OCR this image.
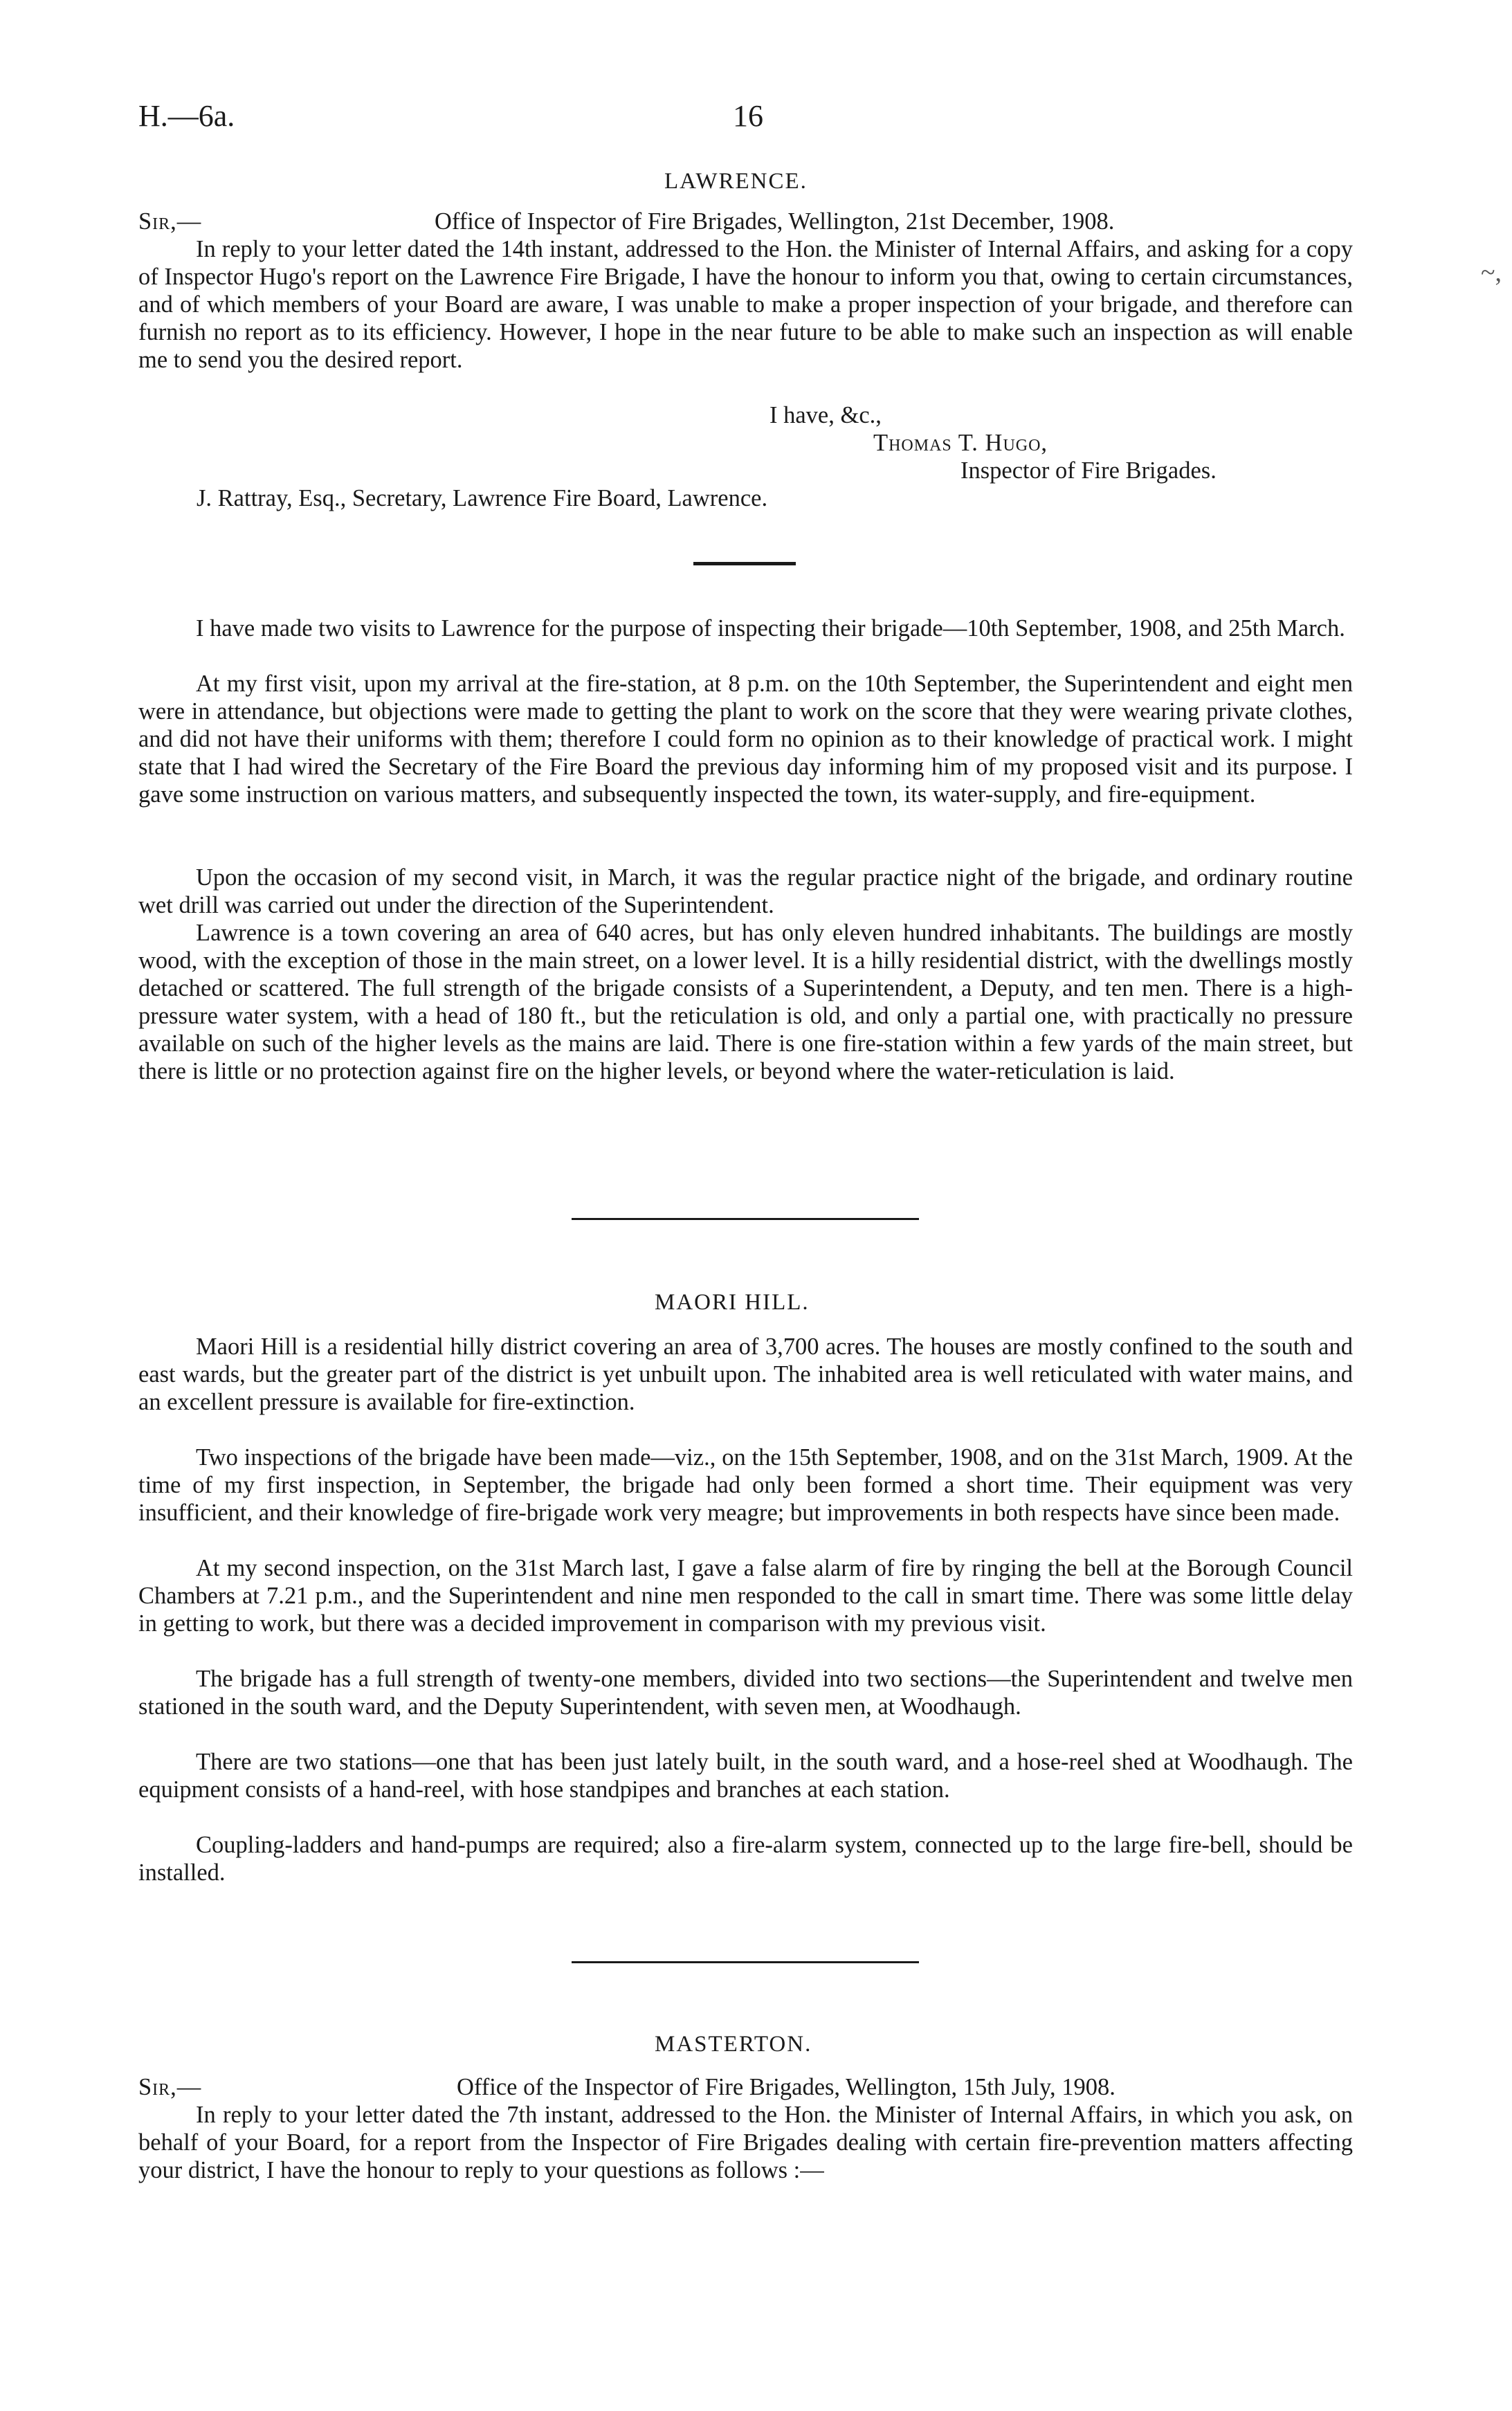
H.—6a.	16
LAWRENCE.
Sir,—	Office of Inspector of Fire Brigades, Wellington, 21st December, 1908.
In reply to your letter dated the 14th instant, addressed to the Hon. the Minister of Internal Affairs, and asking for a copy of Inspector Hugo's report on the Lawrence Fire Brigade, I have the honour to inform you that, owing to certain circumstances, and of which members of your Board are aware, I was unable to make a proper inspection of your brigade, and therefore can furnish no report as to its efficiency. However, I hope in the near future to be able to make such an inspection as will enable me to send you the desired report.
I have, &c.,
Thomas T. Hugo,
Inspector of Fire Brigades.
J. Rattray, Esq., Secretary, Lawrence Fire Board, Lawrence.
I have made two visits to Lawrence for the purpose of inspecting their brigade—10th September, 1908, and 25th March.
At my first visit, upon my arrival at the fire-station, at 8 p.m. on the 10th September, the Superintendent and eight men were in attendance, but objections were made to getting the plant to work on the score that they were wearing private clothes, and did not have their uniforms with them; therefore I could form no opinion as to their knowledge of practical work. I might state that I had wired the Secretary of the Fire Board the previous day informing him of my proposed visit and its purpose. I gave some instruction on various matters, and subsequently inspected the town, its water-supply, and fire-equipment.
Upon the occasion of my second visit, in March, it was the regular practice night of the brigade, and ordinary routine wet drill was carried out under the direction of the Superintendent.
Lawrence is a town covering an area of 640 acres, but has only eleven hundred inhabitants. The buildings are mostly wood, with the exception of those in the main street, on a lower level. It is a hilly residential district, with the dwellings mostly detached or scattered. The full strength of the brigade consists of a Superintendent, a Deputy, and ten men. There is a high-pressure water system, with a head of 180 ft., but the reticulation is old, and only a partial one, with practically no pressure available on such of the higher levels as the mains are laid. There is one fire-station within a few yards of the main street, but there is little or no protection against fire on the higher levels, or beyond where the water-reticulation is laid.
MAORI HILL.
Maori Hill is a residential hilly district covering an area of 3,700 acres. The houses are mostly confined to the south and east wards, but the greater part of the district is yet unbuilt upon. The inhabited area is well reticulated with water mains, and an excellent pressure is available for fire-extinction.
Two inspections of the brigade have been made—viz., on the 15th September, 1908, and on the 31st March, 1909. At the time of my first inspection, in September, the brigade had only been formed a short time. Their equipment was very insufficient, and their knowledge of fire-brigade work very meagre; but improvements in both respects have since been made.
At my second inspection, on the 31st March last, I gave a false alarm of fire by ringing the bell at the Borough Council Chambers at 7.21 p.m., and the Superintendent and nine men responded to the call in smart time. There was some little delay in getting to work, but there was a decided improvement in comparison with my previous visit.
The brigade has a full strength of twenty-one members, divided into two sections—the Superintendent and twelve men stationed in the south ward, and the Deputy Superintendent, with seven men, at Woodhaugh.
There are two stations—one that has been just lately built, in the south ward, and a hose-reel shed at Woodhaugh. The equipment consists of a hand-reel, with hose standpipes and branches at each station.
Coupling-ladders and hand-pumps are required; also a fire-alarm system, connected up to the large fire-bell, should be installed.
MASTERTON.
Sir,—	Office of the Inspector of Fire Brigades, Wellington, 15th July, 1908.
In reply to your letter dated the 7th instant, addressed to the Hon. the Minister of Internal Affairs, in which you ask, on behalf of your Board, for a report from the Inspector of Fire Brigades dealing with certain fire-prevention matters affecting your district, I have the honour to reply to your questions as follows :—
~,
